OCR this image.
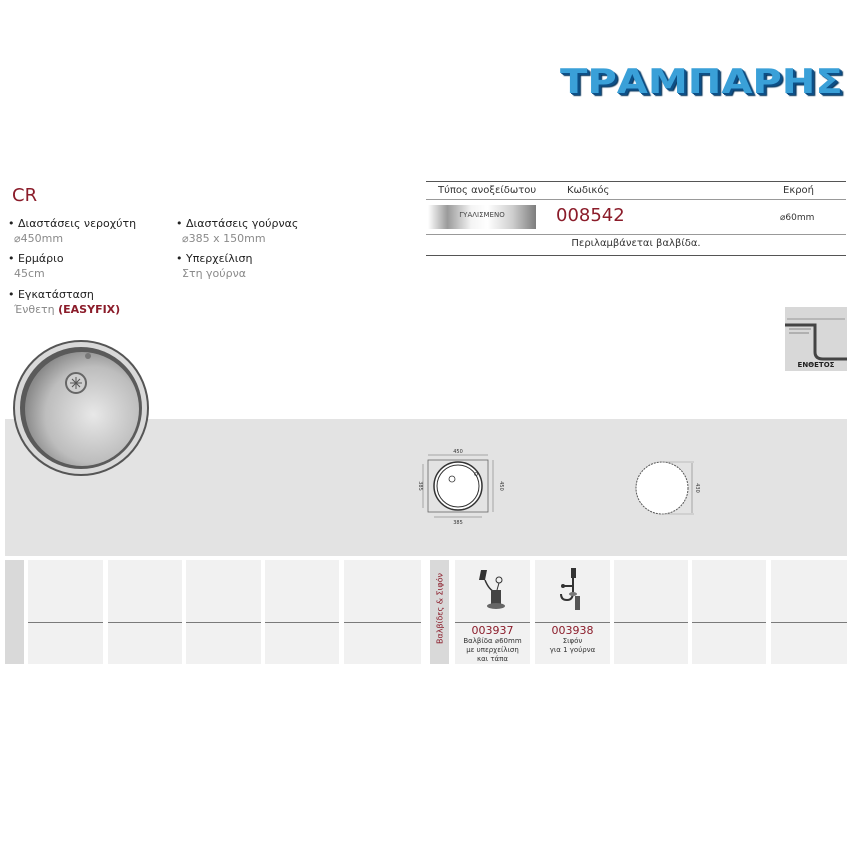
ΤΡΑΜΠΑΡΗΣ
CR
• Διαστάσεις νεροχύτη
⌀450mm
• Διαστάσεις γούρνας
⌀385 x 150mm
• Ερμάριο
45cm
• Υπερχείλιση
Στη γούρνα
• Εγκατάσταση
Ένθετη (EASYFIX)
Τύπος ανοξείδωτου	Κωδικός	Εκροή
ΓΥΑΛΙΣΜΕΝΟ	008542	⌀60mm
Περιλαμβάνεται βαλβίδα.
ΕΝΘΕΤΟΣ
450
450
385
385	430
Βαλβίδες & Σιφόν	003937
Βαλβίδα ⌀60mm
με υπερχείλιση
και τάπα
003938
Σιφόν
για 1 γούρνα
